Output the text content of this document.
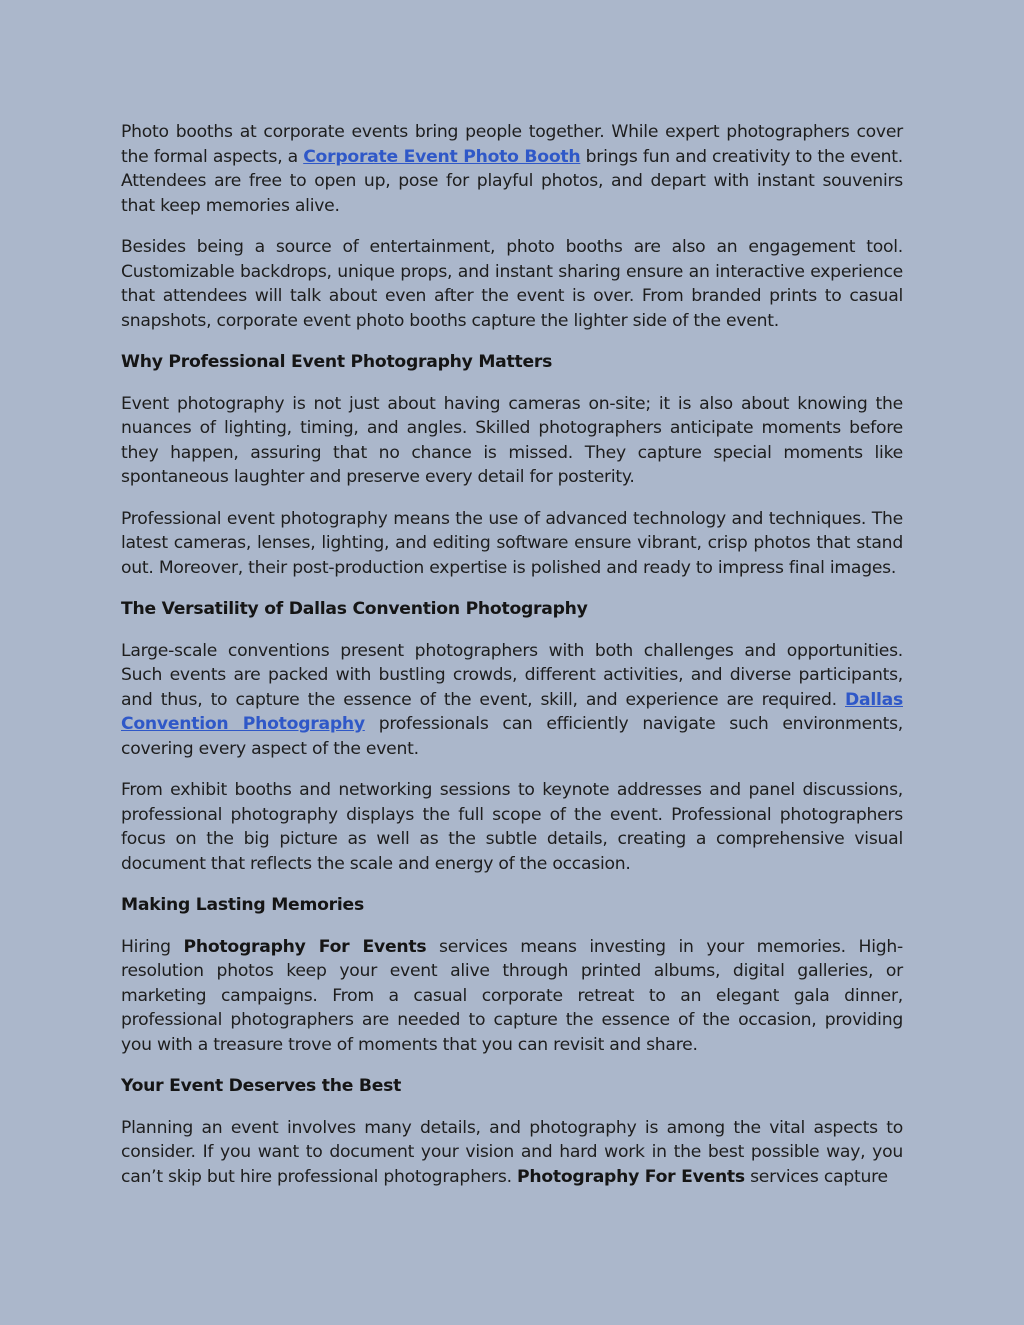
Photo booths at corporate events bring people together. While expert photographers cover the formal aspects, a Corporate Event Photo Booth brings fun and creativity to the event. Attendees are free to open up, pose for playful photos, and depart with instant souvenirs that keep memories alive.

Besides being a source of entertainment, photo booths are also an engagement tool. Customizable backdrops, unique props, and instant sharing ensure an interactive experience that attendees will talk about even after the event is over. From branded prints to casual snapshots, corporate event photo booths capture the lighter side of the event.

Why Professional Event Photography Matters

Event photography is not just about having cameras on-site; it is also about knowing the nuances of lighting, timing, and angles. Skilled photographers anticipate moments before they happen, assuring that no chance is missed. They capture special moments like spontaneous laughter and preserve every detail for posterity.

Professional event photography means the use of advanced technology and techniques. The latest cameras, lenses, lighting, and editing software ensure vibrant, crisp photos that stand out. Moreover, their post-production expertise is polished and ready to impress final images.

The Versatility of Dallas Convention Photography

Large-scale conventions present photographers with both challenges and opportunities. Such events are packed with bustling crowds, different activities, and diverse participants, and thus, to capture the essence of the event, skill, and experience are required. Dallas Convention Photography professionals can efficiently navigate such environments, covering every aspect of the event.

From exhibit booths and networking sessions to keynote addresses and panel discussions, professional photography displays the full scope of the event. Professional photographers focus on the big picture as well as the subtle details, creating a comprehensive visual document that reflects the scale and energy of the occasion.

Making Lasting Memories

Hiring Photography For Events services means investing in your memories. High-resolution photos keep your event alive through printed albums, digital galleries, or marketing campaigns. From a casual corporate retreat to an elegant gala dinner, professional photographers are needed to capture the essence of the occasion, providing you with a treasure trove of moments that you can revisit and share.

Your Event Deserves the Best

Planning an event involves many details, and photography is among the vital aspects to consider. If you want to document your vision and hard work in the best possible way, you can’t skip but hire professional photographers. Photography For Events services capture
